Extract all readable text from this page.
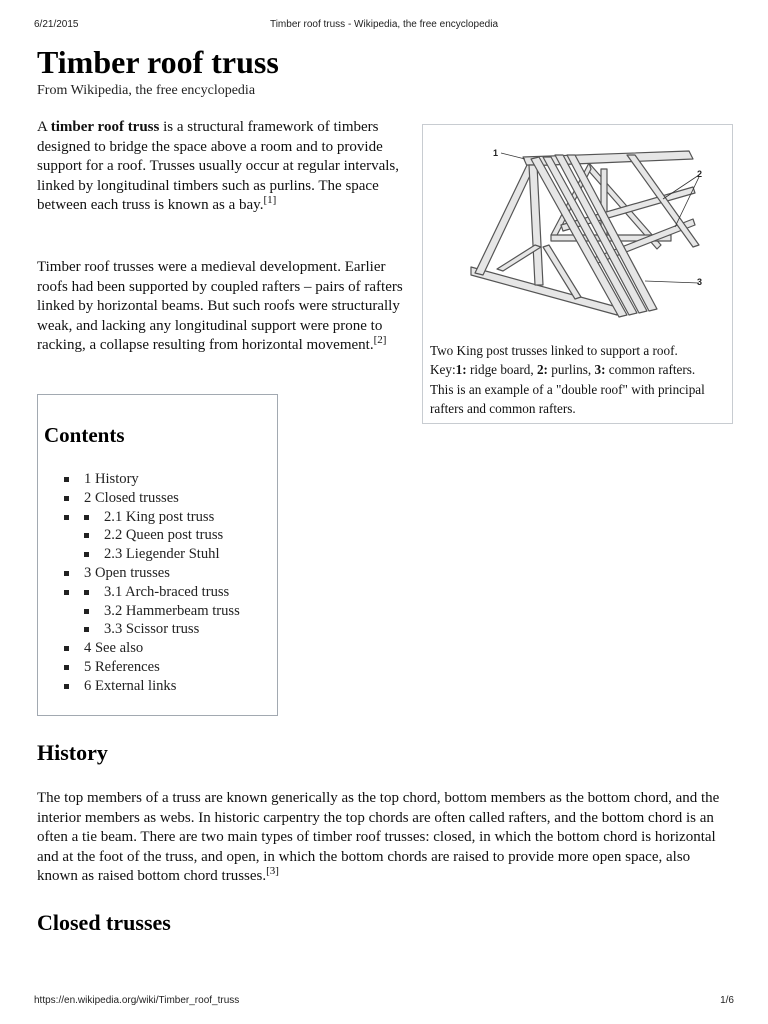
6/21/2015	Timber roof truss - Wikipedia, the free encyclopedia
Timber roof truss
From Wikipedia, the free encyclopedia

A timber roof truss is a structural framework of timbers designed to bridge the space above a room and to provide support for a roof. Trusses usually occur at regular intervals, linked by longitudinal timbers such as purlins. The space between each truss is known as a bay.[1]

Timber roof trusses were a medieval development. Earlier roofs had been supported by coupled rafters – pairs of rafters linked by horizontal beams. But such roofs were structurally weak, and lacking any longitudinal support were prone to racking, a collapse resulting from horizontal movement.[2]

1
2
3
Two King post trusses linked to support a roof.
Key:1: ridge board, 2: purlins, 3: common rafters.
This is an example of a "double roof" with principal rafters and common rafters.
Contents
1 History
2 Closed trusses
2.1 King post truss
2.2 Queen post truss
2.3 Liegender Stuhl
3 Open trusses
3.1 Arch-braced truss
3.2 Hammerbeam truss
3.3 Scissor truss
4 See also
5 References
6 External links
History

The top members of a truss are known generically as the top chord, bottom members as the bottom chord, and the interior members as webs. In historic carpentry the top chords are often called rafters, and the bottom chord is an often a tie beam. There are two main types of timber roof trusses: closed, in which the bottom chord is horizontal and at the foot of the truss, and open, in which the bottom chords are raised to provide more open space, also known as raised bottom chord trusses.[3]

Closed trusses
https://en.wikipedia.org/wiki/Timber_roof_truss	1/6
